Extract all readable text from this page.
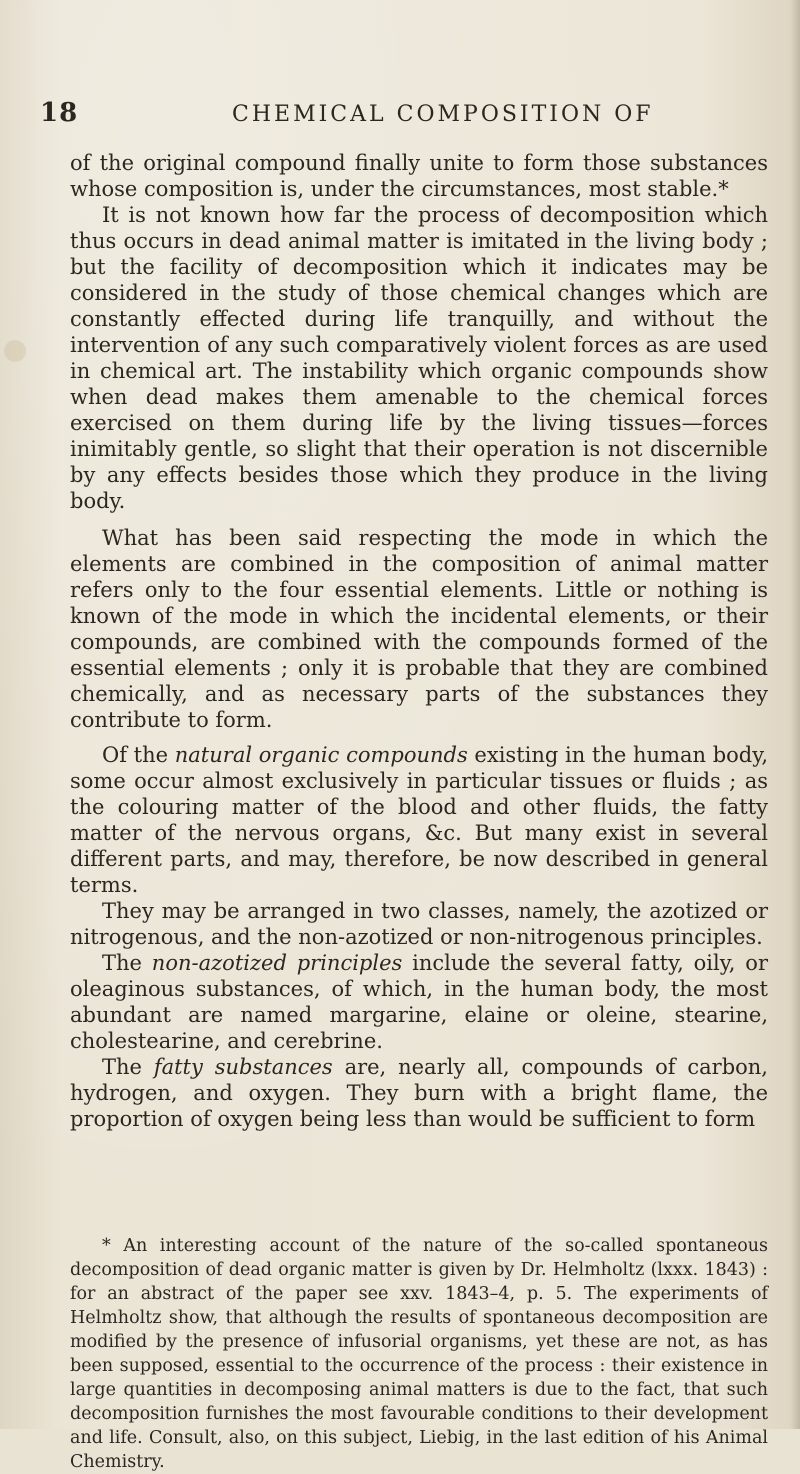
18	CHEMICAL COMPOSITION OF

of the original compound finally unite to form those substances whose composition is, under the circumstances, most stable.*

It is not known how far the process of decomposition which thus occurs in dead animal matter is imitated in the living body ; but the facility of decomposition which it indicates may be considered in the study of those chemical changes which are constantly effected during life tranquilly, and without the intervention of any such comparatively violent forces as are used in chemical art. The instability which organic compounds show when dead makes them amenable to the chemical forces exercised on them during life by the living tissues—forces inimitably gentle, so slight that their operation is not discernible by any effects besides those which they produce in the living body.

What has been said respecting the mode in which the elements are combined in the composition of animal matter refers only to the four essential elements. Little or nothing is known of the mode in which the incidental elements, or their compounds, are combined with the compounds formed of the essential elements ; only it is probable that they are combined chemically, and as necessary parts of the substances they contribute to form.

Of the natural organic compounds existing in the human body, some occur almost exclusively in particular tissues or fluids ; as the colouring matter of the blood and other fluids, the fatty matter of the nervous organs, &c. But many exist in several different parts, and may, therefore, be now described in general terms.

They may be arranged in two classes, namely, the azotized or nitrogenous, and the non-azotized or non-nitrogenous principles.

The non-azotized principles include the several fatty, oily, or oleaginous substances, of which, in the human body, the most abundant are named margarine, elaine or oleine, stearine, cholestearine, and cerebrine.

The fatty substances are, nearly all, compounds of carbon, hydrogen, and oxygen. They burn with a bright flame, the proportion of oxygen being less than would be sufficient to form

* An interesting account of the nature of the so-called spontaneous decomposition of dead organic matter is given by Dr. Helmholtz (lxxx. 1843) : for an abstract of the paper see xxv. 1843–4, p. 5. The experiments of Helmholtz show, that although the results of spontaneous decomposition are modified by the presence of infusorial organisms, yet these are not, as has been supposed, essential to the occurrence of the process : their existence in large quantities in decomposing animal matters is due to the fact, that such decomposition furnishes the most favourable conditions to their development and life. Consult, also, on this subject, Liebig, in the last edition of his Animal Chemistry.
